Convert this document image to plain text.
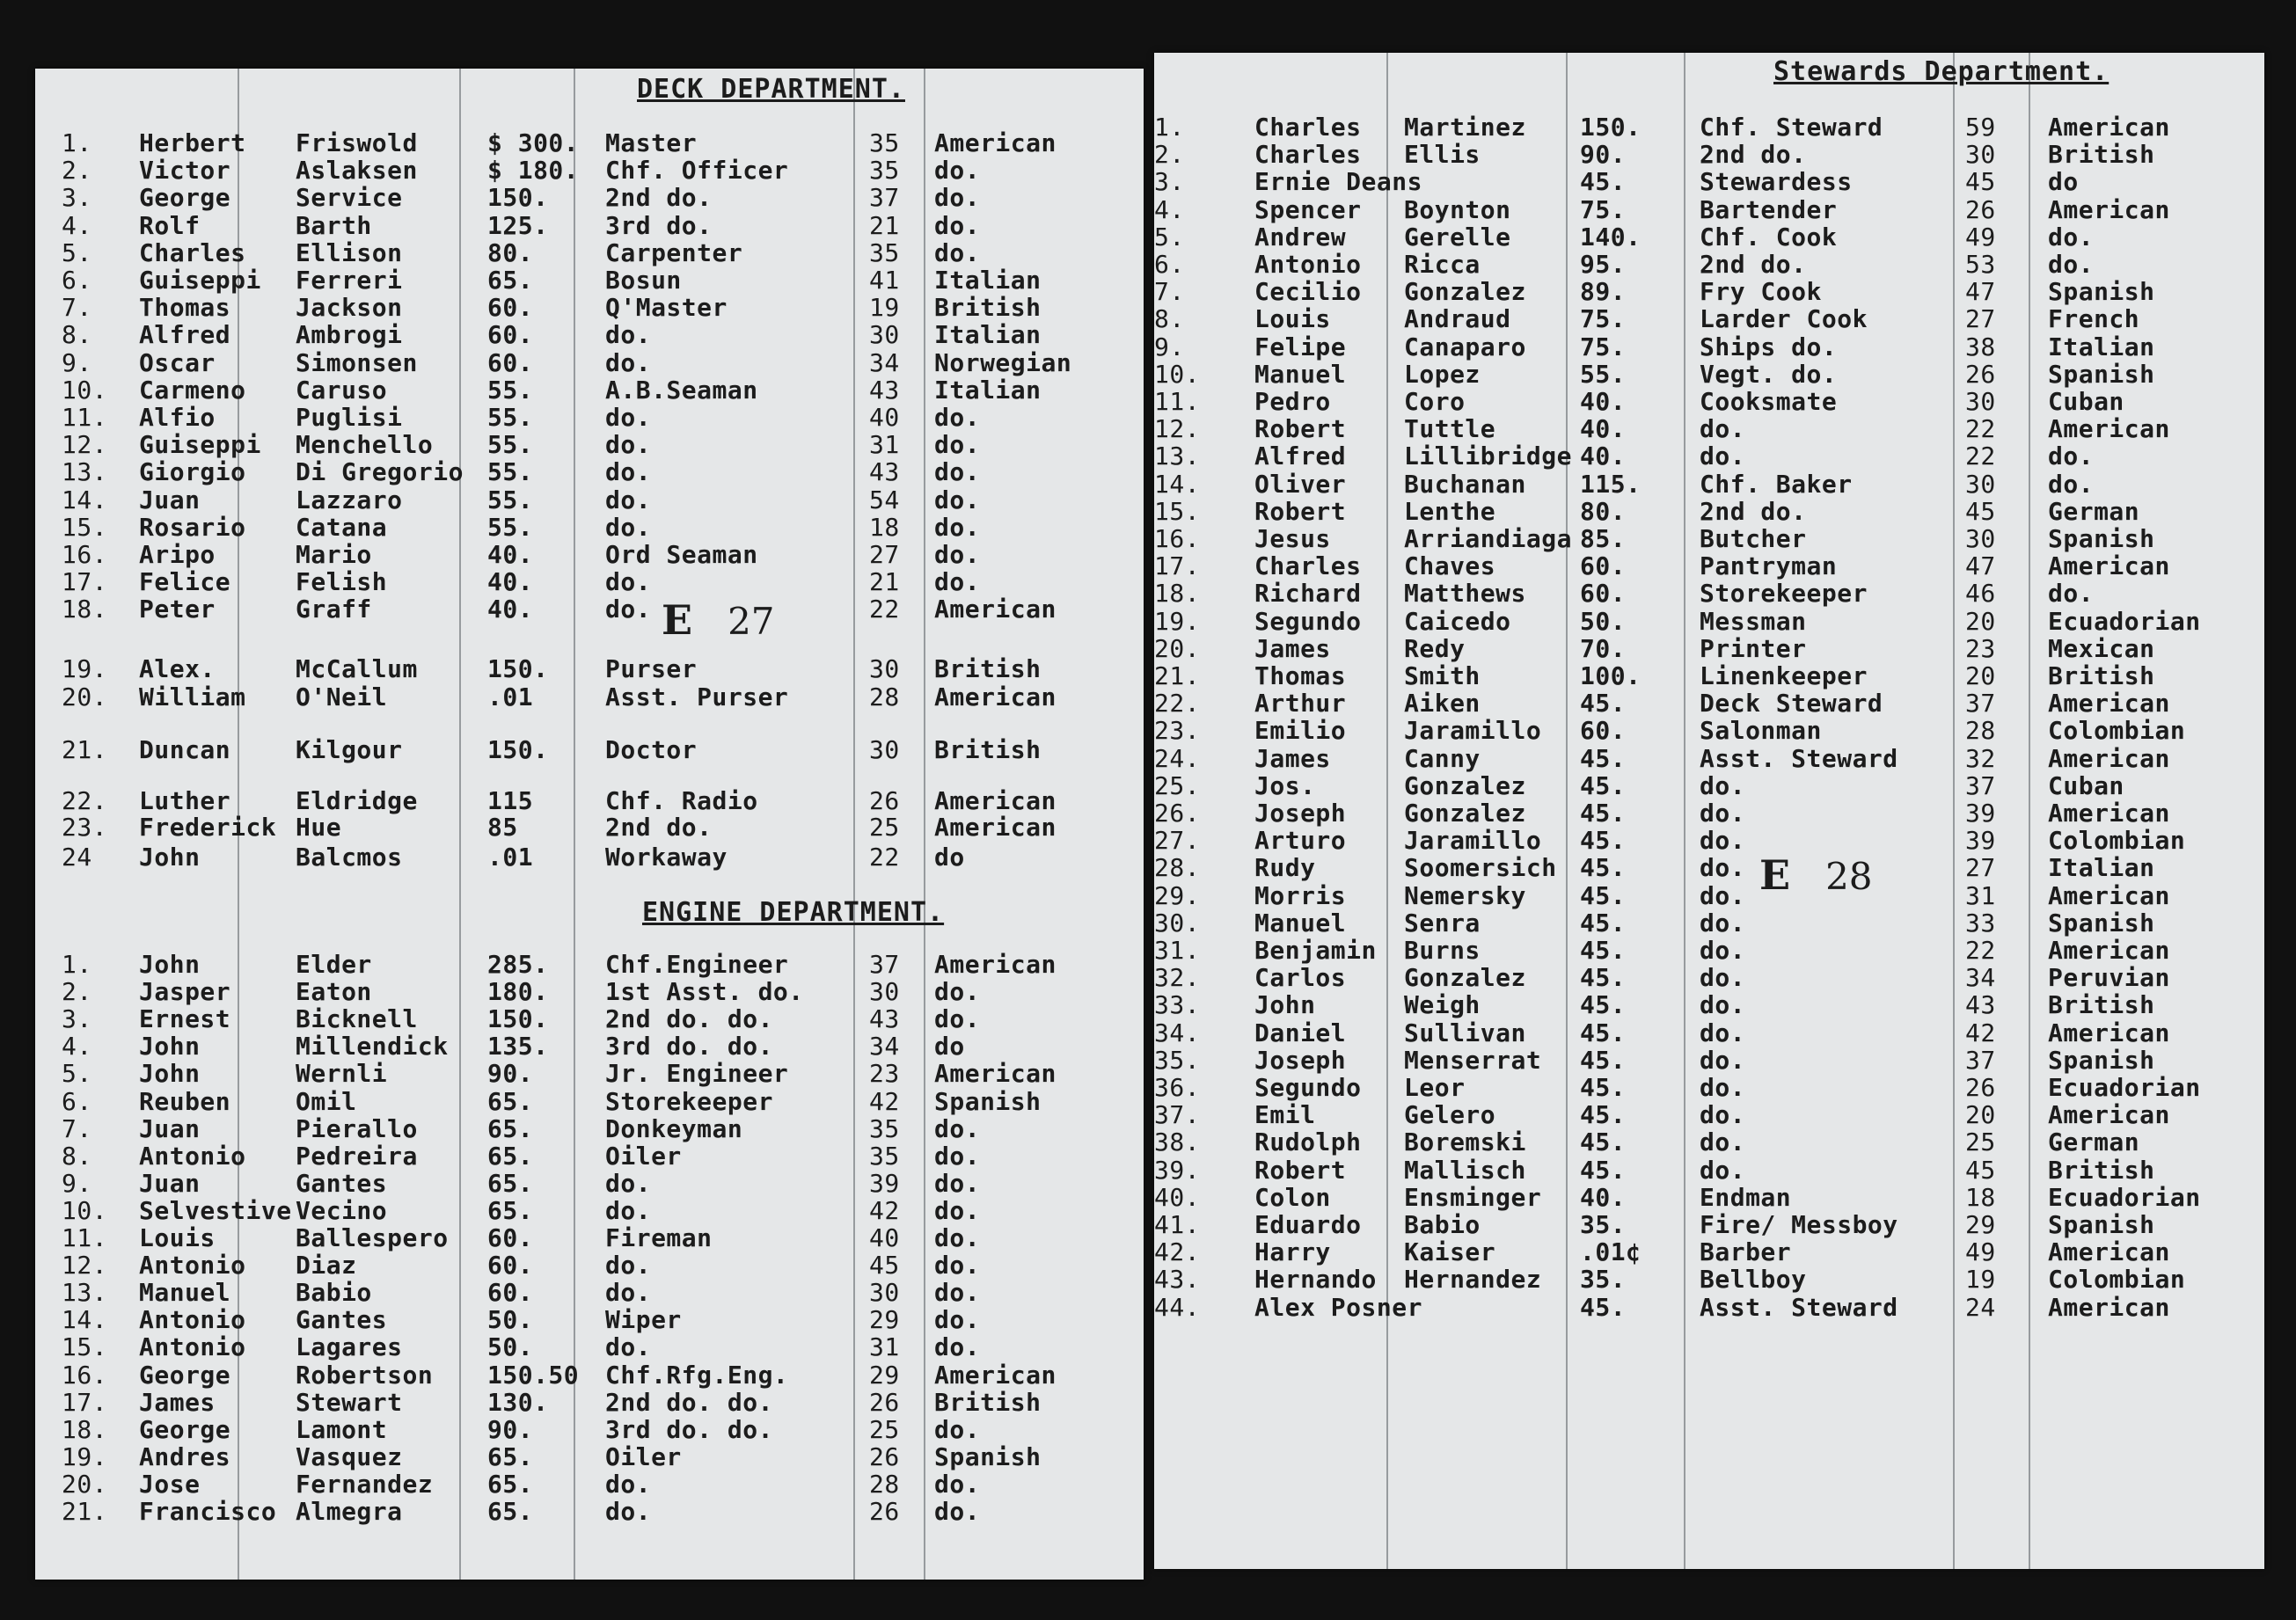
DECK DEPARTMENT.
1.	Herbert	Friswold	$ 300. Master	35	American
2.	Victor	Aslaksen	$ 180. Chf. Officer	35	do.
3.	George	Service	150.	2nd do.	37	do.
4.	Rolf	Barth	125.	3rd do.	21	do.
5.	Charles	Ellison	80.	Carpenter	35	do.
6.	Guiseppi	Ferreri	65.	Bosun	41	Italian
7.	Thomas	Jackson	60.	Q'Master	19	British
8.	Alfred	Ambrogi	60.	do.	30	Italian
9.	Oscar	Simonsen	60.	do.	34	Norwegian
10.	Carmeno	Caruso	55.	A.B.Seaman	43	Italian
11.	Alfio	Puglisi	55.	do.	40	do.
12.	Guiseppi	Menchello	55.	do.	31	do.
13.	Giorgio	Di Gregorio 55.	do.	43	do.
14.	Juan	Lazzaro	55.	do.	54	do.
15.	Rosario	Catana	55.	do.	18	do.
16.	Aripo	Mario	40.	Ord Seaman	27	do.
17.	Felice	Felish	40.	do.	21	do.
18.	Peter	Graff	40.	do.	22	American
19.	Alex.	McCallum	150.	Purser	30	British
20.	William	O'Neil	.01	Asst. Purser	28	American
21.	Duncan	Kilgour	150.	Doctor	30	British
22.	Luther	Eldridge	115	Chf. Radio	26	American
23.	Frederick Hue	85	2nd do.	25	American
24	John	Balcmos	.01	Workaway	22	do
E 27
ENGINE DEPARTMENT.
1.	John	Elder	285.	Chf.Engineer	37	American
2.	Jasper	Eaton	180.	1st Asst. do.	30	do.
3.	Ernest	Bicknell	150.	2nd do. do.	43	do.
4.	John	Millendick	135.	3rd do. do.	34	do
5.	John	Wernli	90.	Jr. Engineer	23	American
6.	Reuben	Omil	65.	Storekeeper	42	Spanish
7.	Juan	Pierallo	65.	Donkeyman	35	do.
8.	Antonio	Pedreira	65.	Oiler	35	do.
9.	Juan	Gantes	65.	do.	39	do.
10.	Selvestive Vecino	65.	do.	42	do.
11.	Louis	Ballespero	60.	Fireman	40	do.
12.	Antonio	Diaz	60.	do.	45	do.
13.	Manuel	Babio	60.	do.	30	do.
14.	Antonio	Gantes	50.	Wiper	29	do.
15.	Antonio	Lagares	50.	do.	31	do.
16.	George	Robertson	150.50 Chf.Rfg.Eng.	29	American
17.	James	Stewart	130.	2nd do. do.	26	British
18.	George	Lamont	90.	3rd do. do.	25	do.
19.	Andres	Vasquez	65.	Oiler	26	Spanish
20.	Jose	Fernandez	65.	do.	28	do.
21.	Francisco Almegra	65.	do.	26	do.
Stewards Department.
1.	Charles	Martinez	150.	Chf. Steward	59	American
2.	Charles	Ellis	90.	2nd do.	30	British
3.	Ernie Deans	45.	Stewardess	45	do
4.	Spencer	Boynton	75.	Bartender	26	American
5.	Andrew	Gerelle	140.	Chf. Cook	49	do.
6.	Antonio	Ricca	95.	2nd do.	53	do.
7.	Cecilio	Gonzalez	89.	Fry Cook	47	Spanish
8.	Louis	Andraud	75.	Larder Cook	27	French
9.	Felipe	Canaparo	75.	Ships do.	38	Italian
10.	Manuel	Lopez	55.	Vegt. do.	26	Spanish
11.	Pedro	Coro	40.	Cooksmate	30	Cuban
12.	Robert	Tuttle	40.	do.	22	American
13.	Alfred	Lillibridge 40.	do.	22	do.
14.	Oliver	Buchanan	115.	Chf. Baker	30	do.
15.	Robert	Lenthe	80.	2nd do.	45	German
16.	Jesus	Arriandiaga 85.	Butcher	30	Spanish
17.	Charles	Chaves	60.	Pantryman	47	American
18.	Richard	Matthews	60.	Storekeeper	46	do.
19.	Segundo	Caicedo	50.	Messman	20	Ecuadorian
20.	James	Redy	70.	Printer	23	Mexican
21.	Thomas	Smith	100.	Linenkeeper	20	British
22.	Arthur	Aiken	45.	Deck Steward	37	American
23.	Emilio	Jaramillo	60.	Salonman	28	Colombian
24.	James	Canny	45.	Asst. Steward	32	American
25.	Jos.	Gonzalez	45.	do.	37	Cuban
26.	Joseph	Gonzalez	45.	do.	39	American
27.	Arturo	Jaramillo	45.	do.	39	Colombian
28.	Rudy	Soomersich 45.	do.	27	Italian
29.	Morris	Nemersky	45.	do.	31	American
30.	Manuel	Senra	45.	do.	33	Spanish
31.	Benjamin	Burns	45.	do.	22	American
32.	Carlos	Gonzalez	45.	do.	34	Peruvian
33.	John	Weigh	45.	do.	43	British
34.	Daniel	Sullivan	45.	do.	42	American
35.	Joseph	Menserrat	45.	do.	37	Spanish
36.	Segundo	Leor	45.	do.	26	Ecuadorian
37.	Emil	Gelero	45.	do.	20	American
38.	Rudolph	Boremski	45.	do.	25	German
39.	Robert	Mallisch	45.	do.	45	British
40.	Colon	Ensminger	40.	Endman	18	Ecuadorian
41.	Eduardo	Babio	35.	Fire/ Messboy	29	Spanish
42.	Harry	Kaiser	.01¢	Barber	49	American
43.	Hernando	Hernandez	35.	Bellboy	19	Colombian
44.	Alex Posner	45.	Asst. Steward	24	American
E 28
